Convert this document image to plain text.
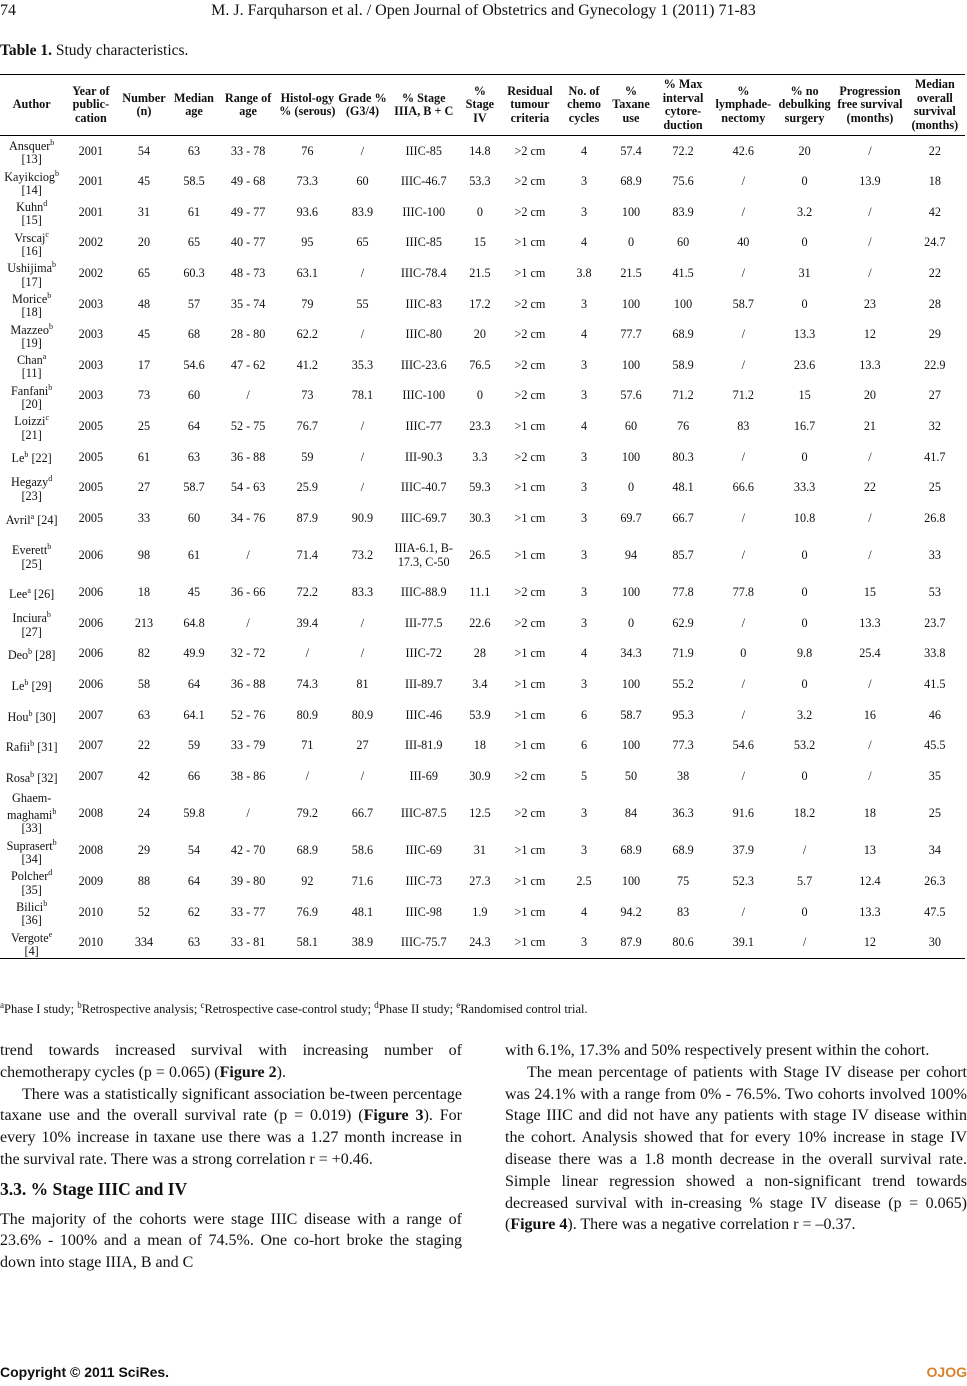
74	M. J. Farquharson et al. / Open Journal of Obstetrics and Gynecology 1 (2011) 71-83
Table 1. Study characteristics.
Author	Year of public-cation	Number (n)	Median age	Range of age	Histol-ogy % (serous)	Grade % (G3/4)	% Stage IIIA, B + C	% Stage IV	Residual tumour criteria	No. of chemo cycles	% Taxane use	% Max interval cytore-duction	% lymphade-nectomy	% no debulking surgery	Progression free survival (months)	Median overall survival (months)
Ansquer$^b$
[13]	2001	54	63	33 - 78	76	/	IIIC-85	14.8	>2 cm	4	57.4	72.2	42.6	20	/	22
Kayikciog$^b$
[14]	2001	45	58.5	49 - 68	73.3	60	IIIC-46.7	53.3	>2 cm	3	68.9	75.6	/	0	13.9	18
Kuhn$^d$
[15]	2001	31	61	49 - 77	93.6	83.9	IIIC-100	0	>2 cm	3	100	83.9	/	3.2	/	42
Vrscaj$^c$
[16]	2002	20	65	40 - 77	95	65	IIIC-85	15	>1 cm	4	0	60	40	0	/	24.7
Ushijima$^b$
[17]	2002	65	60.3	48 - 73	63.1	/	IIIC-78.4	21.5	>1 cm	3.8	21.5	41.5	/	31	/	22
Morice$^b$
[18]	2003	48	57	35 - 74	79	55	IIIC-83	17.2	>2 cm	3	100	100	58.7	0	23	28
Mazzeo$^b$
[19]	2003	45	68	28 - 80	62.2	/	IIIC-80	20	>2 cm	4	77.7	68.9	/	13.3	12	29
Chan$^a$
[11]	2003	17	54.6	47 - 62	41.2	35.3	IIIC-23.6	76.5	>2 cm	3	100	58.9	/	23.6	13.3	22.9
Fanfani$^b$
[20]	2003	73	60	/	73	78.1	IIIC-100	0	>2 cm	3	57.6	71.2	71.2	15	20	27
Loizzi$^c$
[21]	2005	25	64	52 - 75	76.7	/	IIIC-77	23.3	>1 cm	4	60	76	83	16.7	21	32
Le$^b$ [22]	2005	61	63	36 - 88	59	/	III-90.3	3.3	>2 cm	3	100	80.3	/	0	/	41.7
Hegazy$^d$
[23]	2005	27	58.7	54 - 63	25.9	/	IIIC-40.7	59.3	>1 cm	3	0	48.1	66.6	33.3	22	25
Avril$^a$ [24]	2005	33	60	34 - 76	87.9	90.9	IIIC-69.7	30.3	>1 cm	3	69.7	66.7	/	10.8	/	26.8
Everett$^b$
[25]	2006	98	61	/	71.4	73.2	IIIA-6.1, B-17.3, C-50	26.5	>1 cm	3	94	85.7	/	0	/	33
Lee$^a$ [26]	2006	18	45	36 - 66	72.2	83.3	IIIC-88.9	11.1	>2 cm	3	100	77.8	77.8	0	15	53
Inciura$^b$
[27]	2006	213	64.8	/	39.4	/	III-77.5	22.6	>2 cm	3	0	62.9	/	0	13.3	23.7
Deo$^b$ [28]	2006	82	49.9	32 - 72	/	/	IIIC-72	28	>1 cm	4	34.3	71.9	0	9.8	25.4	33.8
Le$^b$ [29]	2006	58	64	36 - 88	74.3	81	III-89.7	3.4	>1 cm	3	100	55.2	/	0	/	41.5
Hou$^b$ [30]	2007	63	64.1	52 - 76	80.9	80.9	IIIC-46	53.9	>1 cm	6	58.7	95.3	/	3.2	16	46
Rafii$^b$ [31]	2007	22	59	33 - 79	71	27	III-81.9	18	>1 cm	6	100	77.3	54.6	53.2	/	45.5
Rosa$^b$ [32]	2007	42	66	38 - 86	/	/	III-69	30.9	>2 cm	5	50	38	/	0	/	35
Ghaem-maghami$^b$
[33]	2008	24	59.8	/	79.2	66.7	IIIC-87.5	12.5	>2 cm	3	84	36.3	91.6	18.2	18	25
Suprasert$^b$
[34]	2008	29	54	42 - 70	68.9	58.6	IIIC-69	31	>1 cm	3	68.9	68.9	37.9	/	13	34
Polcher$^d$
[35]	2009	88	64	39 - 80	92	71.6	IIIC-73	27.3	>1 cm	2.5	100	75	52.3	5.7	12.4	26.3
Bilici$^b$
[36]	2010	52	62	33 - 77	76.9	48.1	IIIC-98	1.9	>1 cm	4	94.2	83	/	0	13.3	47.5
Vergote$^e$
[4]	2010	334	63	33 - 81	58.1	38.9	IIIC-75.7	24.3	>1 cm	3	87.9	80.6	39.1	/	12	30
$^a$Phase I study; $^b$Retrospective analysis; $^c$Retrospective case-control study; $^d$Phase II study; $^e$Randomised control trial.

trend towards increased survival with increasing number of chemotherapy cycles (p = 0.065) (Figure 2).

There was a statistically significant association be-tween percentage taxane use and the overall survival rate (p = 0.019) (Figure 3). For every 10% increase in taxane use there was a 1.27 month increase in the survival rate. There was a strong correlation r = +0.46.

3.3. % Stage IIIC and IV

The majority of the cohorts were stage IIIC disease with a range of 23.6% - 100% and a mean of 74.5%. One co-hort broke the staging down into stage IIIA, B and C

with 6.1%, 17.3% and 50% respectively present within the cohort.

The mean percentage of patients with Stage IV disease per cohort was 24.1% with a range from 0% - 76.5%. Two cohorts involved 100% Stage IIIC and did not have any patients with stage IV disease within the cohort. Analysis showed that for every 10% increase in stage IV disease there was a 1.8 month decrease in the overall survival rate. Simple linear regression showed a non-significant trend towards decreased survival with in-creasing % stage IV disease (p = 0.065) (Figure 4). There was a negative correlation r = –0.37.

Copyright © 2011 SciRes.	OJOG
